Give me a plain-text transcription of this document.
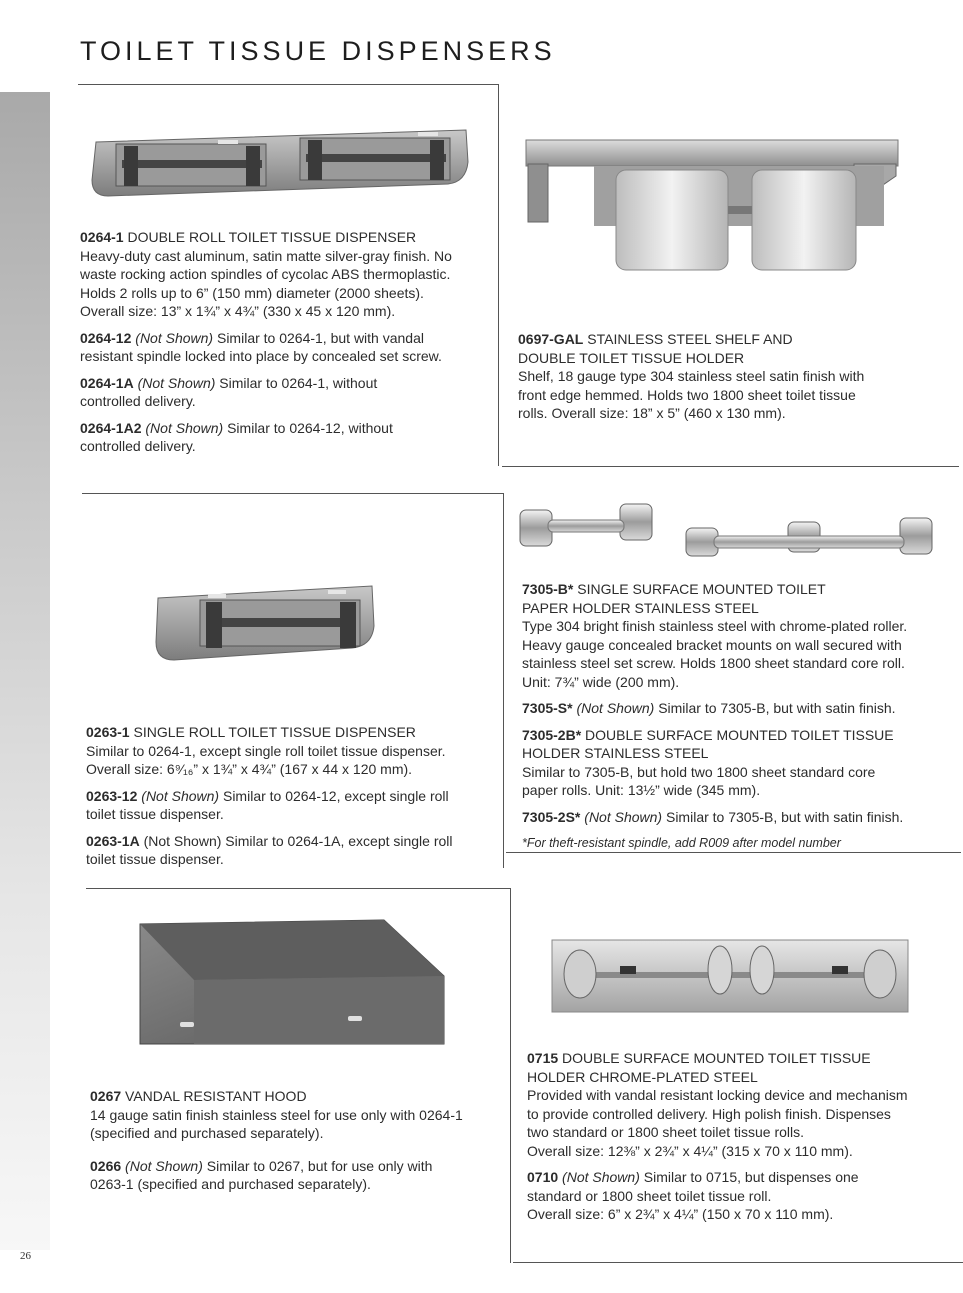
TOILET TISSUE DISPENSERS

0264-1 DOUBLE ROLL TOILET TISSUE DISPENSER
Heavy-duty cast aluminum, satin matte silver-gray finish. No
waste rocking action spindles of cycolac ABS thermoplastic.
Holds 2 rolls up to 6” (150 mm) diameter (2000 sheets).
Overall size: 13” x 1¾” x 4¾” (330 x 45 x 120 mm).

0264-12 (Not Shown) Similar to 0264-1, but with vandal
resistant spindle locked into place by concealed set screw.

0264-1A (Not Shown) Similar to 0264-1, without
controlled delivery.

0264-1A2 (Not Shown) Similar to 0264-12, without
controlled delivery.

0697-GAL STAINLESS STEEL SHELF AND
DOUBLE TOILET TISSUE HOLDER
Shelf, 18 gauge type 304 stainless steel satin finish with
front edge hemmed. Holds two 1800 sheet toilet tissue
rolls. Overall size: 18” x 5” (460 x 130 mm).

0263-1 SINGLE ROLL TOILET TISSUE DISPENSER
Similar to 0264-1, except single roll toilet tissue dispenser.
Overall size: 6⁹⁄₁₆” x 1¾” x 4¾” (167 x 44 x 120 mm).

0263-12 (Not Shown) Similar to 0264-12, except single roll
toilet tissue dispenser.

0263-1A (Not Shown) Similar to 0264-1A, except single roll
toilet tissue dispenser.

7305-B* SINGLE SURFACE MOUNTED TOILET
PAPER HOLDER STAINLESS STEEL
Type 304 bright finish stainless steel with chrome-plated roller.
Heavy gauge concealed bracket mounts on wall secured with
stainless steel set screw. Holds 1800 sheet standard core roll.
Unit: 7¾” wide (200 mm).

7305-S* (Not Shown) Similar to 7305-B, but with satin finish.

7305-2B* DOUBLE SURFACE MOUNTED TOILET TISSUE
HOLDER STAINLESS STEEL
Similar to 7305-B, but hold two 1800 sheet standard core
paper rolls. Unit: 13½” wide (345 mm).

7305-2S* (Not Shown) Similar to 7305-B, but with satin finish.

*For theft-resistant spindle, add R009 after model number

0267 VANDAL RESISTANT HOOD
14 gauge satin finish stainless steel for use only with 0264-1
(specified and purchased separately).

0266 (Not Shown) Similar to 0267, but for use only with
0263-1 (specified and purchased separately).

0715 DOUBLE SURFACE MOUNTED TOILET TISSUE
HOLDER CHROME-PLATED STEEL
Provided with vandal resistant locking device and mechanism
to provide controlled delivery. High polish finish. Dispenses
two standard or 1800 sheet toilet tissue rolls.
Overall size: 12⅜” x 2¾” x 4¼” (315 x 70 x 110 mm).

0710 (Not Shown) Similar to 0715, but dispenses one
standard or 1800 sheet toilet tissue roll.
Overall size: 6” x 2¾” x 4¼” (150 x 70 x 110 mm).

26
